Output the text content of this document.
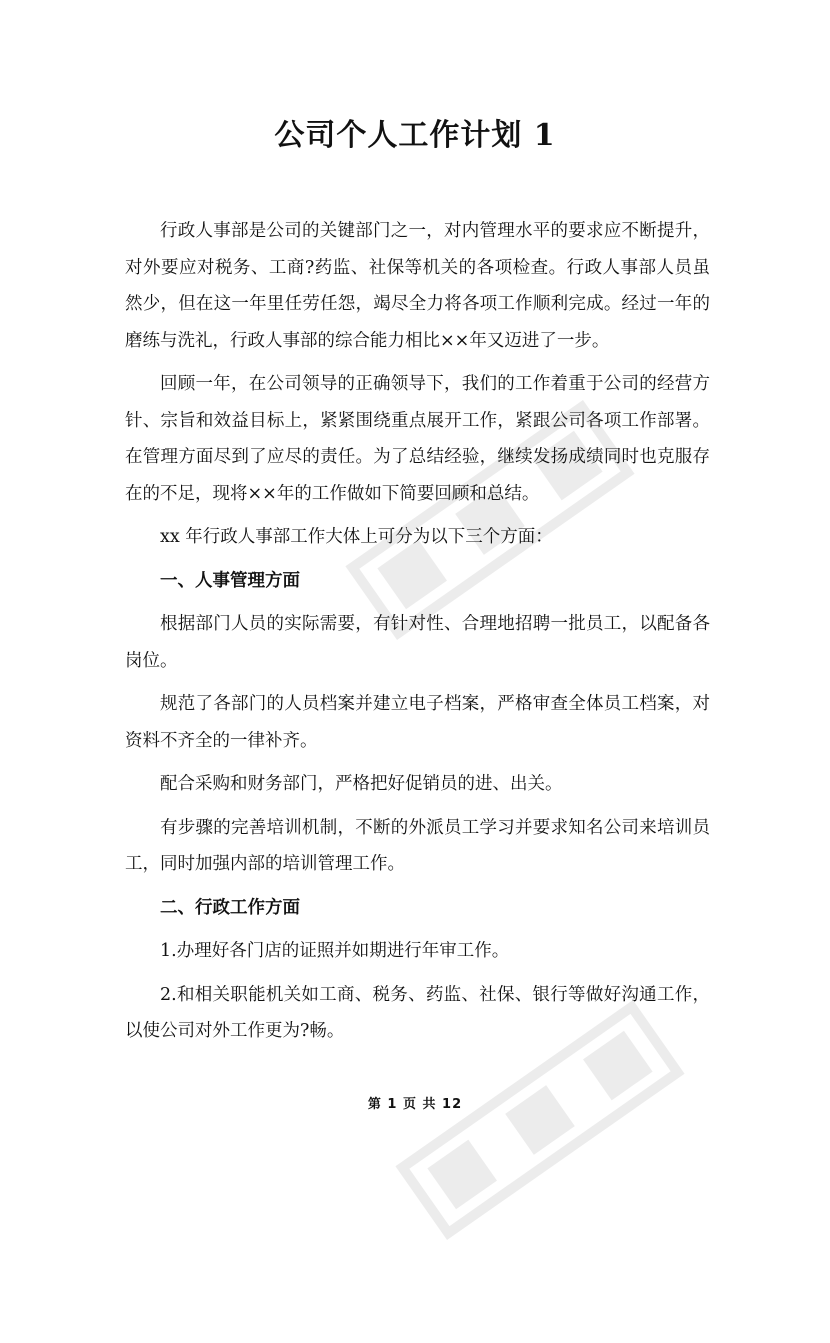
公司个人工作计划 1

行政人事部是公司的关键部门之一，对内管理水平的要求应不断提升，对外要应对税务、工商?药监、社保等机关的各项检查。行政人事部人员虽然少，但在这一年里任劳任怨，竭尽全力将各项工作顺利完成。经过一年的磨练与洗礼，行政人事部的综合能力相比××年又迈进了一步。

回顾一年，在公司领导的正确领导下，我们的工作着重于公司的经营方针、宗旨和效益目标上，紧紧围绕重点展开工作，紧跟公司各项工作部署。在管理方面尽到了应尽的责任。为了总结经验，继续发扬成绩同时也克服存在的不足，现将××年的工作做如下简要回顾和总结。

xx 年行政人事部工作大体上可分为以下三个方面：

一、人事管理方面

根据部门人员的实际需要，有针对性、合理地招聘一批员工，以配备各岗位。

规范了各部门的人员档案并建立电子档案，严格审查全体员工档案，对资料不齐全的一律补齐。

配合采购和财务部门，严格把好促销员的进、出关。

有步骤的完善培训机制，不断的外派员工学习并要求知名公司来培训员工，同时加强内部的培训管理工作。

二、行政工作方面

1.办理好各门店的证照并如期进行年审工作。

2.和相关职能机关如工商、税务、药监、社保、银行等做好沟通工作，以使公司对外工作更为?畅。

第 1 页 共 12
